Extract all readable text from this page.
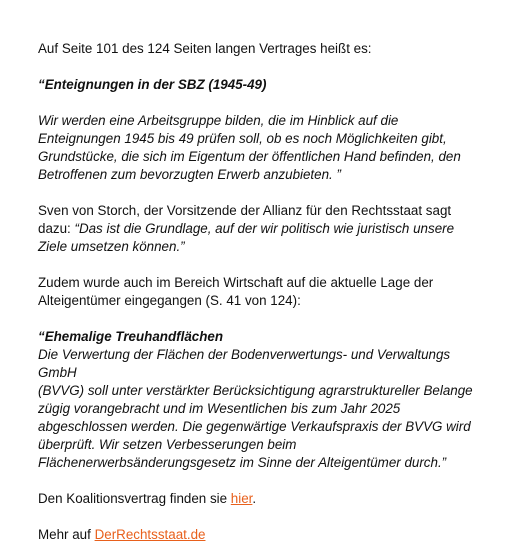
Auf Seite 101 des 124 Seiten langen Vertrages heißt es:

“Enteignungen in der SBZ (1945-49)

Wir werden eine Arbeitsgruppe bilden, die im Hinblick auf die
Enteignungen 1945 bis 49 prüfen soll, ob es noch Möglichkeiten gibt,
Grundstücke, die sich im Eigentum der öffentlichen Hand befinden, den
Betroffenen zum bevorzugten Erwerb anzubieten. ”

Sven von Storch, der Vorsitzende der Allianz für den Rechtsstaat sagt
dazu: “Das ist die Grundlage, auf der wir politisch wie juristisch unsere
Ziele umsetzen können.”

Zudem wurde auch im Bereich Wirtschaft auf die aktuelle Lage der
Alteigentümer eingegangen (S. 41 von 124):

“Ehemalige Treuhandflächen
Die Verwertung der Flächen der Bodenverwertungs- und Verwaltungs
GmbH
(BVVG) soll unter verstärkter Berücksichtigung agrarstruktureller Belange
zügig vorangebracht und im Wesentlichen bis zum Jahr 2025
abgeschlossen werden. Die gegenwärtige Verkaufspraxis der BVVG wird
überprüft. Wir setzen Verbesserungen beim
Flächenerwerbsänderungsgesetz im Sinne der Alteigentümer durch.”

Den Koalitionsvertrag finden sie hier.

Mehr auf DerRechtsstaat.de
